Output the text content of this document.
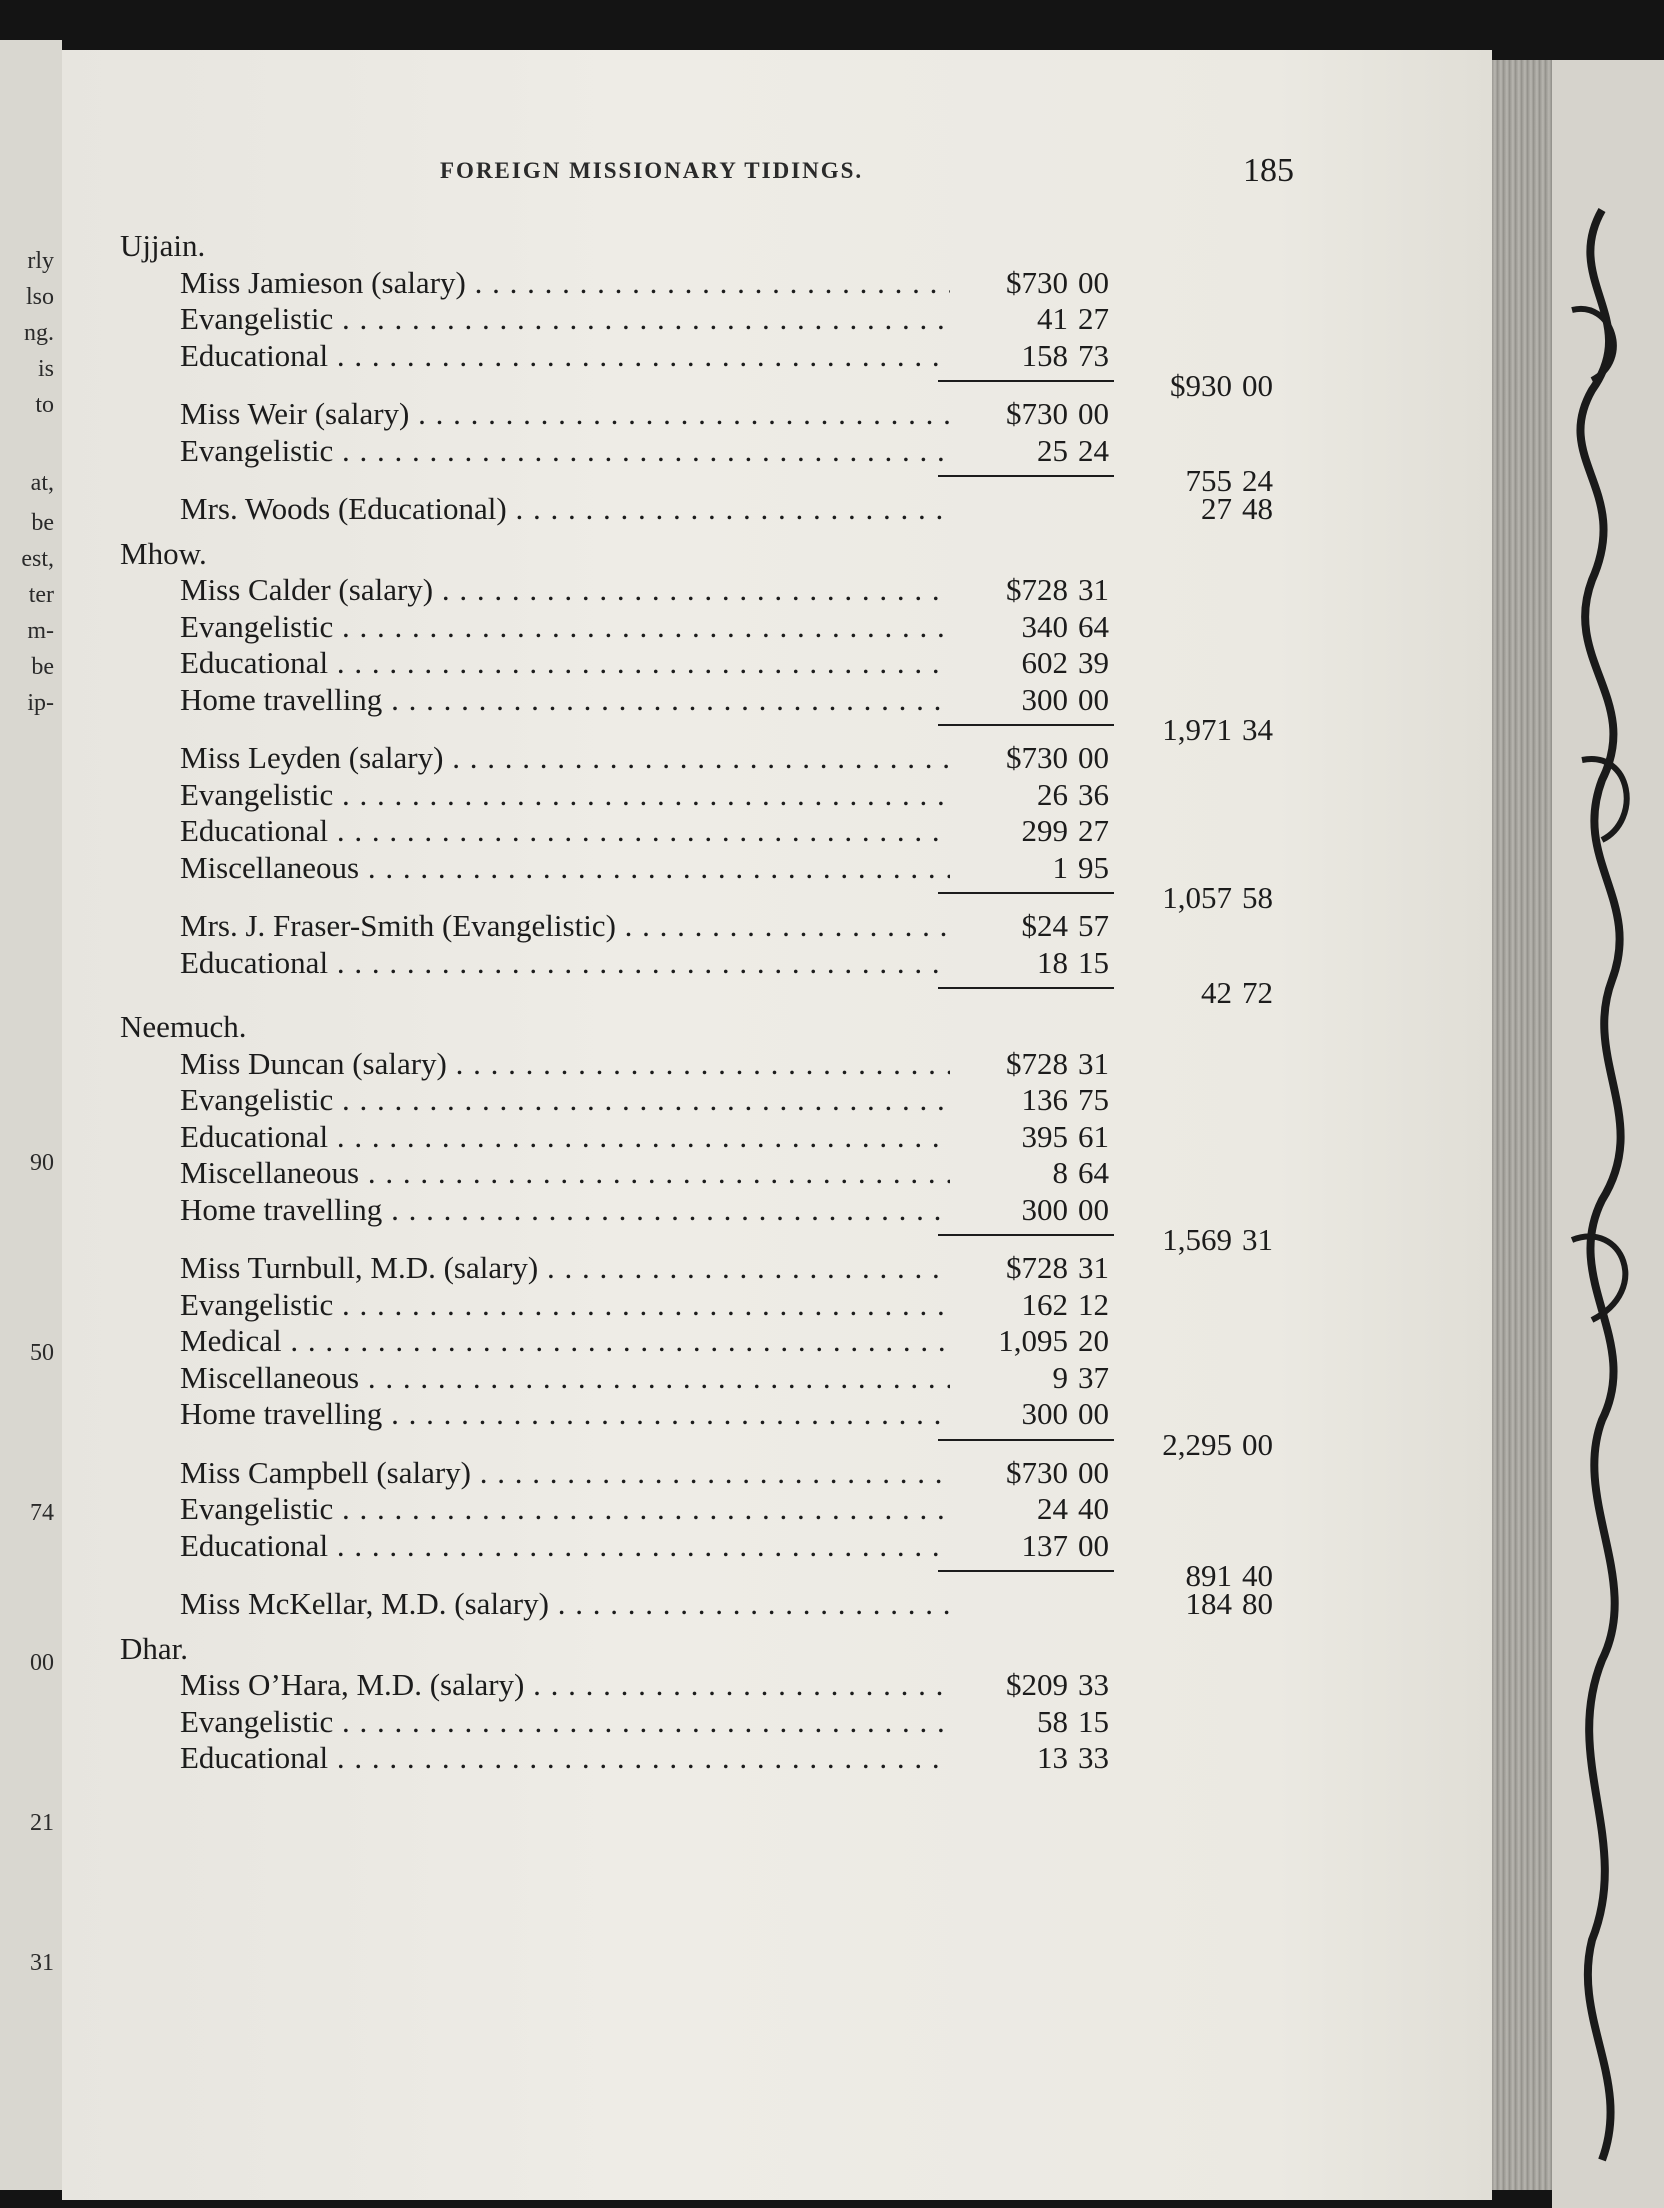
rly
lso
ng.
is
to
at,
be
est,
ter
m-
be
ip-
90
50
74
00
21
31
FOREIGN MISSIONARY TIDINGS.	185
Ujjain.
Miss Jamieson (salary) . . .	$730 00
Evangelistic . . .	41 27
Educational . . .	158 73
$930 00
Miss Weir (salary) . . .	$730 00
Evangelistic . . .	25 24
755 24
Mrs. Woods (Educational) . . .	27 48
Mhow.
Miss Calder (salary) . . .	$728 31
Evangelistic . . .	340 64
Educational . . .	602 39
Home travelling . . .	300 00
1,971 34
Miss Leyden (salary) . . .	$730 00
Evangelistic . . .	26 36
Educational . . .	299 27
Miscellaneous . . .	1 95
1,057 58
Mrs. J. Fraser-Smith (Evangelistic) . . .	$24 57
Educational . . .	18 15
42 72
Neemuch.
Miss Duncan (salary) . . .	$728 31
Evangelistic . . .	136 75
Educational . . .	395 61
Miscellaneous . . .	8 64
Home travelling . . .	300 00
1,569 31
Miss Turnbull, M.D. (salary) . . .	$728 31
Evangelistic . . .	162 12
Medical . . .	1,095 20
Miscellaneous . . .	9 37
Home travelling . . .	300 00
2,295 00
Miss Campbell (salary) . . .	$730 00
Evangelistic . . .	24 40
Educational . . .	137 00
891 40
Miss McKellar, M.D. (salary) . . .	184 80
Dhar.
Miss O’Hara, M.D. (salary) . . .	$209 33
Evangelistic . . .	58 15
Educational . . .	13 33
